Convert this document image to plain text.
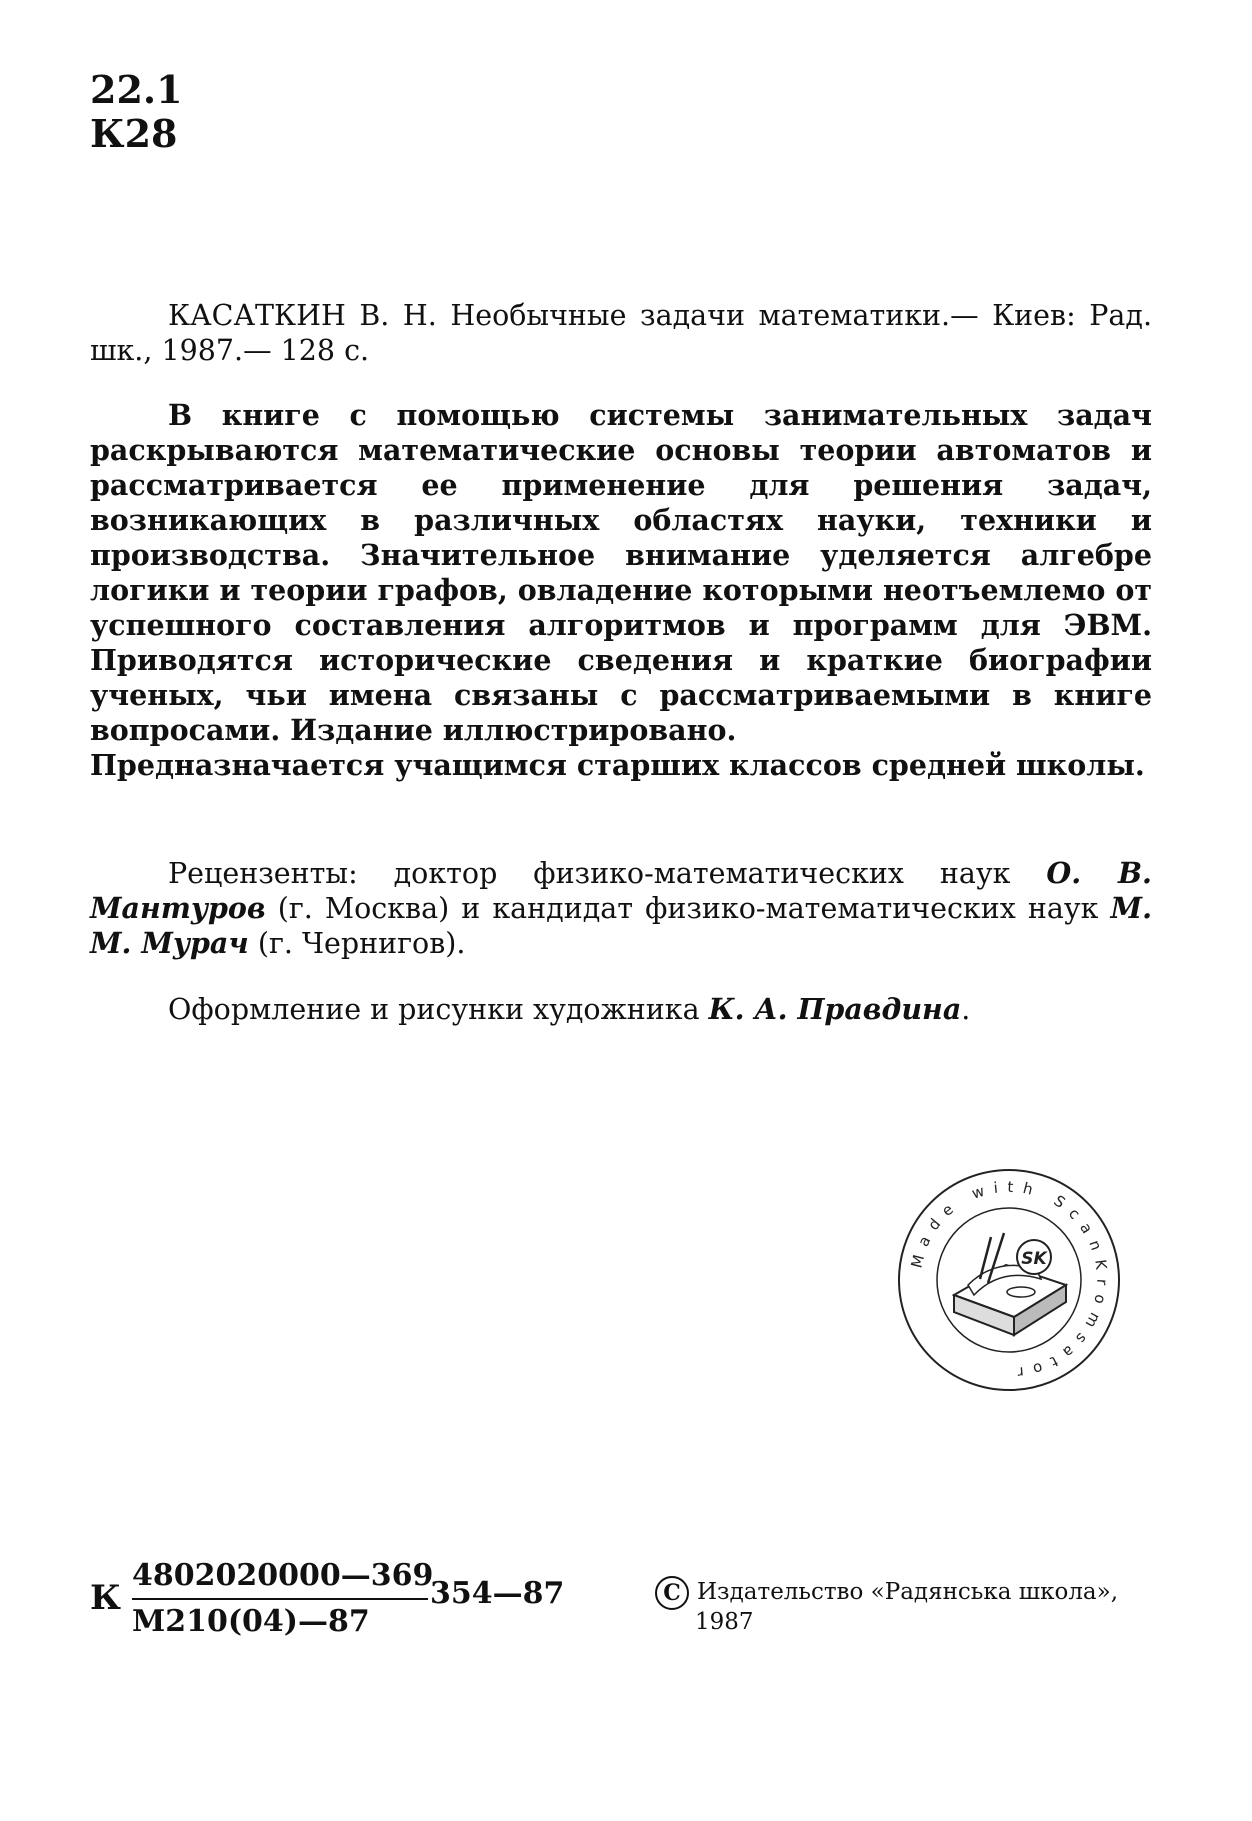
22.1
К28

КАСАТКИН В. Н. Необычные задачи математики.— Киев: Рад. шк., 1987.— 128 с.

В книге с помощью системы занимательных задач раскрываются математические основы теории автоматов и рассматривается ее применение для решения задач, возникающих в различных областях науки, техники и производства. Значительное внимание уделяется алгебре логики и теории графов, овладение которыми неотъемлемо от успешного составления алгоритмов и программ для ЭВМ. Приводятся исторические сведения и краткие биографии ученых, чьи имена связаны с рассматриваемыми в книге вопросами. Издание иллюстрировано.

Предназначается учащимся старших классов средней школы.

Рецензенты: доктор физико-математических наук О. В. Мантуров (г. Москва) и кандидат физико-математических наук М. М. Мурач (г. Чернигов).

Оформление и рисунки художника К. А. Правдина.

Made with ScanKromsator
SK
К
4802020000—369
М210(04)—87
354—87	С Издательство «Радянська школа»,
1987
